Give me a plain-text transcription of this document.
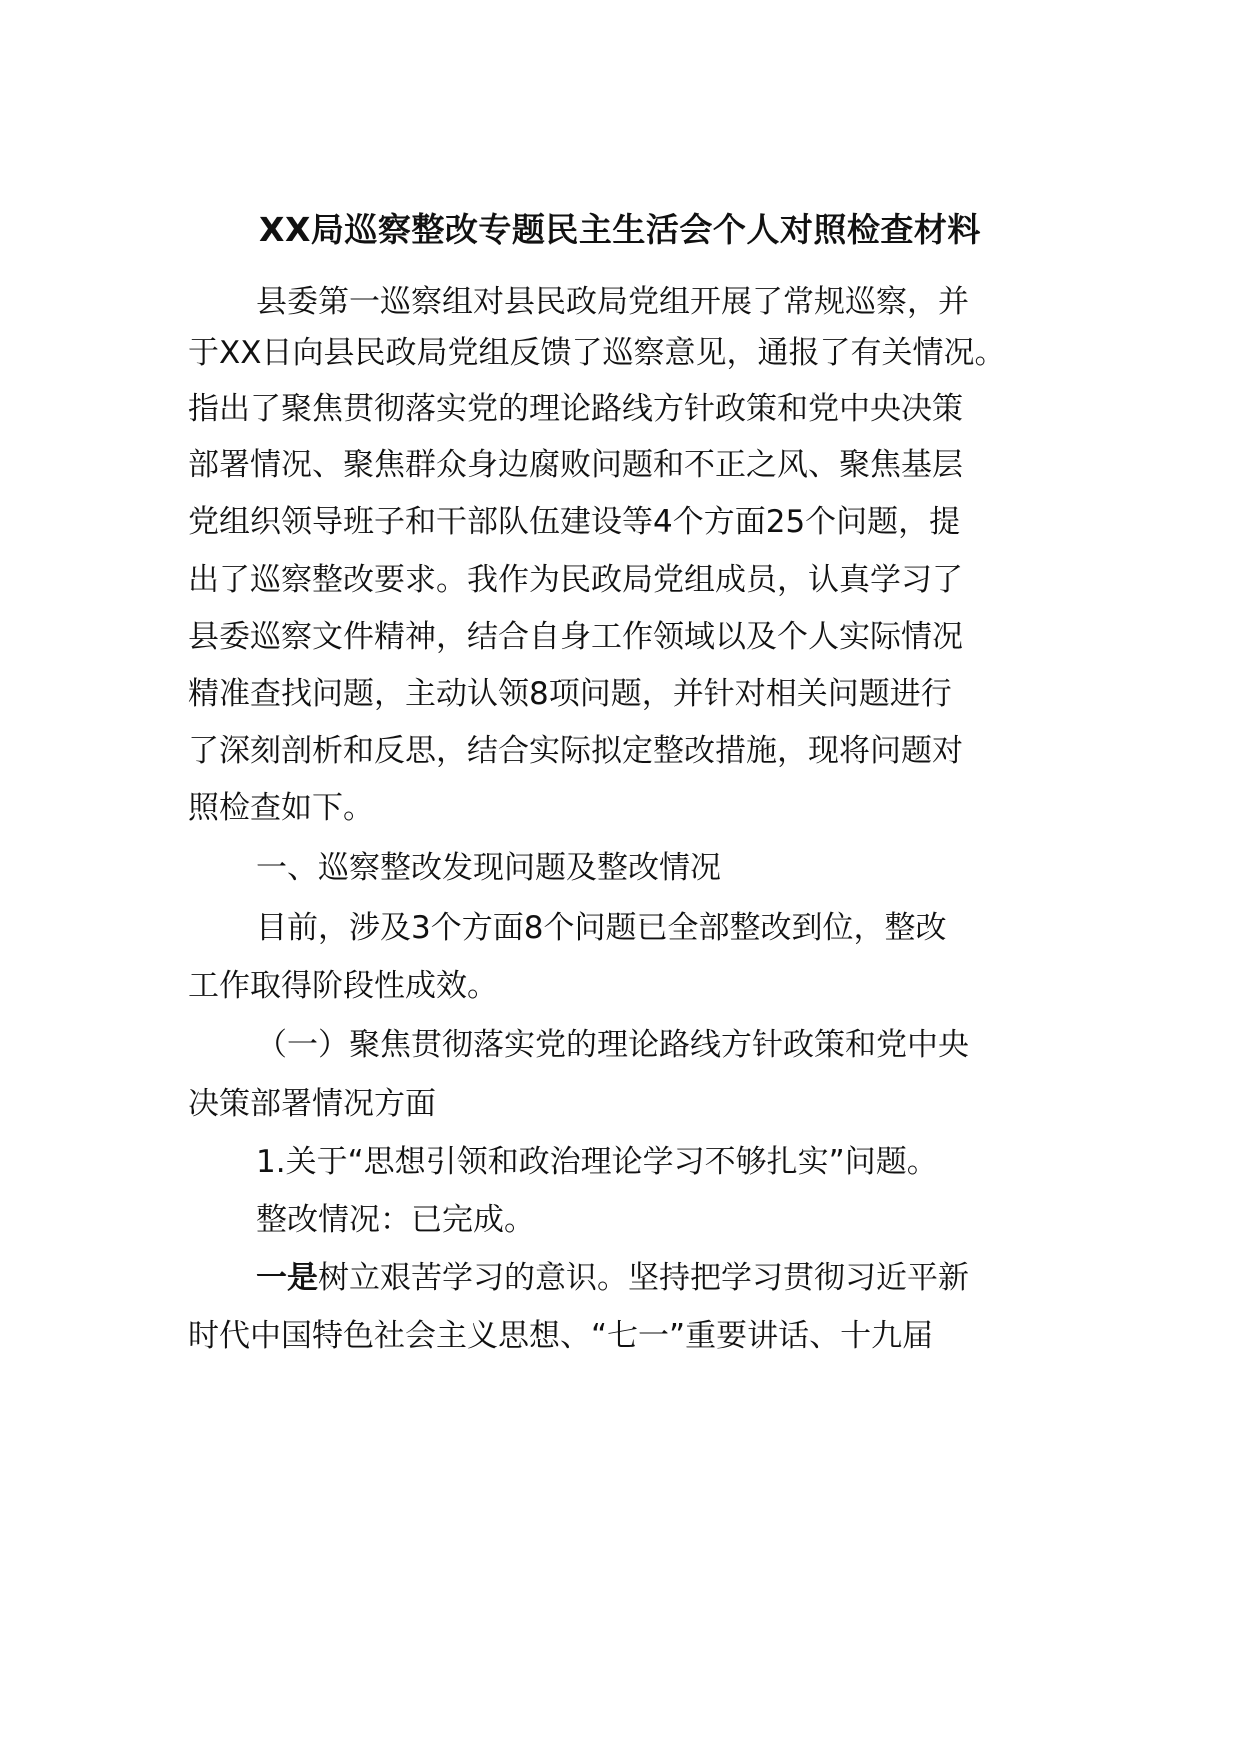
XX局巡察整改专题民主生活会个人对照检查材料

县委第一巡察组对县民政局党组开展了常规巡察，并

于XX日向县民政局党组反馈了巡察意见，通报了有关情况。

指出了聚焦贯彻落实党的理论路线方针政策和党中央决策

部署情况、聚焦群众身边腐败问题和不正之风、聚焦基层

党组织领导班子和干部队伍建设等4个方面25个问题，提

出了巡察整改要求。我作为民政局党组成员，认真学习了

县委巡察文件精神，结合自身工作领域以及个人实际情况

精准查找问题，主动认领8项问题，并针对相关问题进行

了深刻剖析和反思，结合实际拟定整改措施，现将问题对

照检查如下。

一、巡察整改发现问题及整改情况

目前，涉及3个方面8个问题已全部整改到位，整改

工作取得阶段性成效。

（一）聚焦贯彻落实党的理论路线方针政策和党中央

决策部署情况方面

1.关于“思想引领和政治理论学习不够扎实”问题。

整改情况：已完成。

一是树立艰苦学习的意识。坚持把学习贯彻习近平新

时代中国特色社会主义思想、“七一”重要讲话、十九届
